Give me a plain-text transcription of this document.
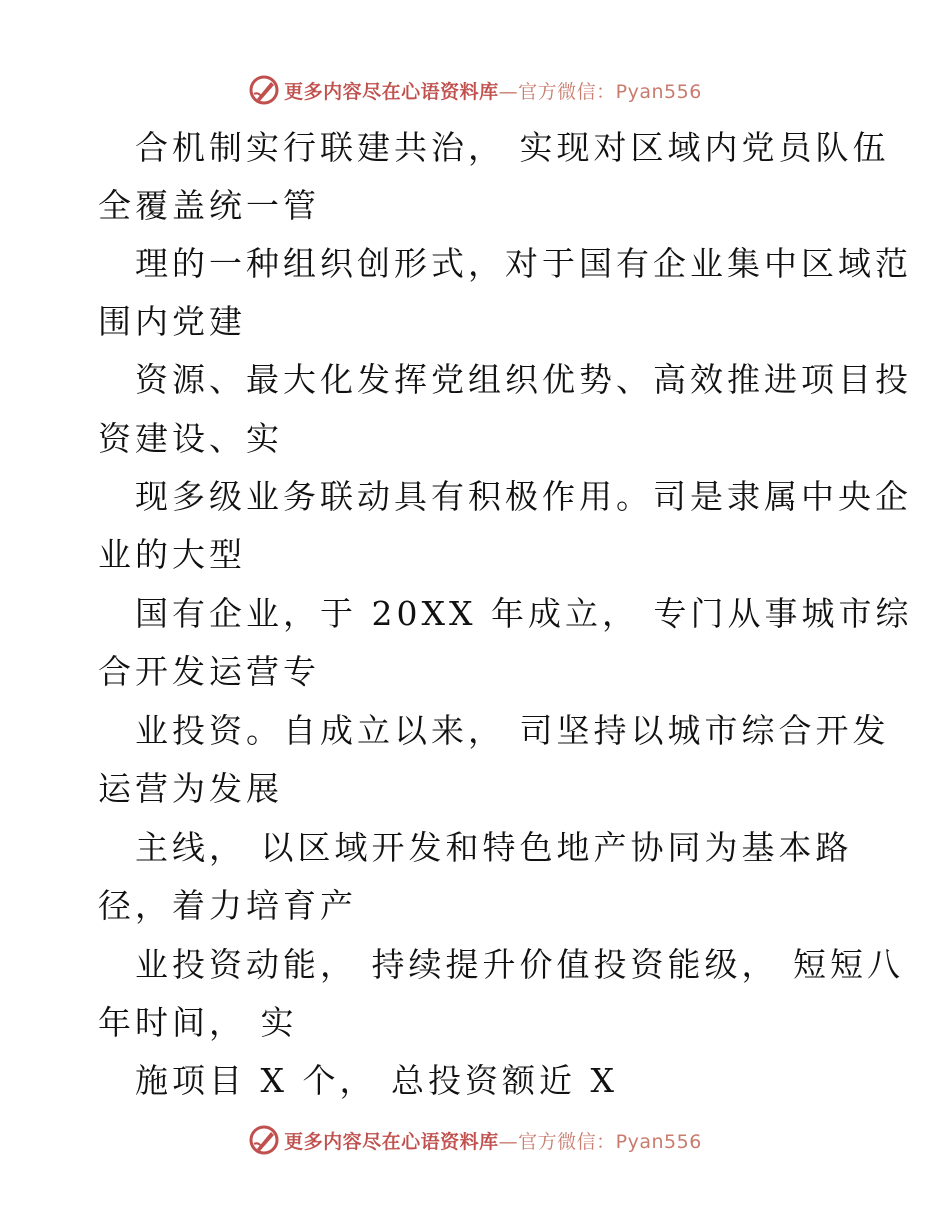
更多内容尽在心语资料库—官方微信：Pyan556
合机制实行联建共治， 实现对区域内党员队伍
全覆盖统一管
理的一种组织创形式，对于国有企业集中区域范
围内党建
资源、最大化发挥党组织优势、高效推进项目投
资建设、实
现多级业务联动具有积极作用。司是隶属中央企
业的大型
国有企业，于 20XX 年成立， 专门从事城市综
合开发运营专
业投资。自成立以来， 司坚持以城市综合开发
运营为发展
主线， 以区域开发和特色地产协同为基本路
径，着力培育产
业投资动能， 持续提升价值投资能级， 短短八
年时间， 实
施项目 X 个， 总投资额近 X
更多内容尽在心语资料库—官方微信：Pyan556
